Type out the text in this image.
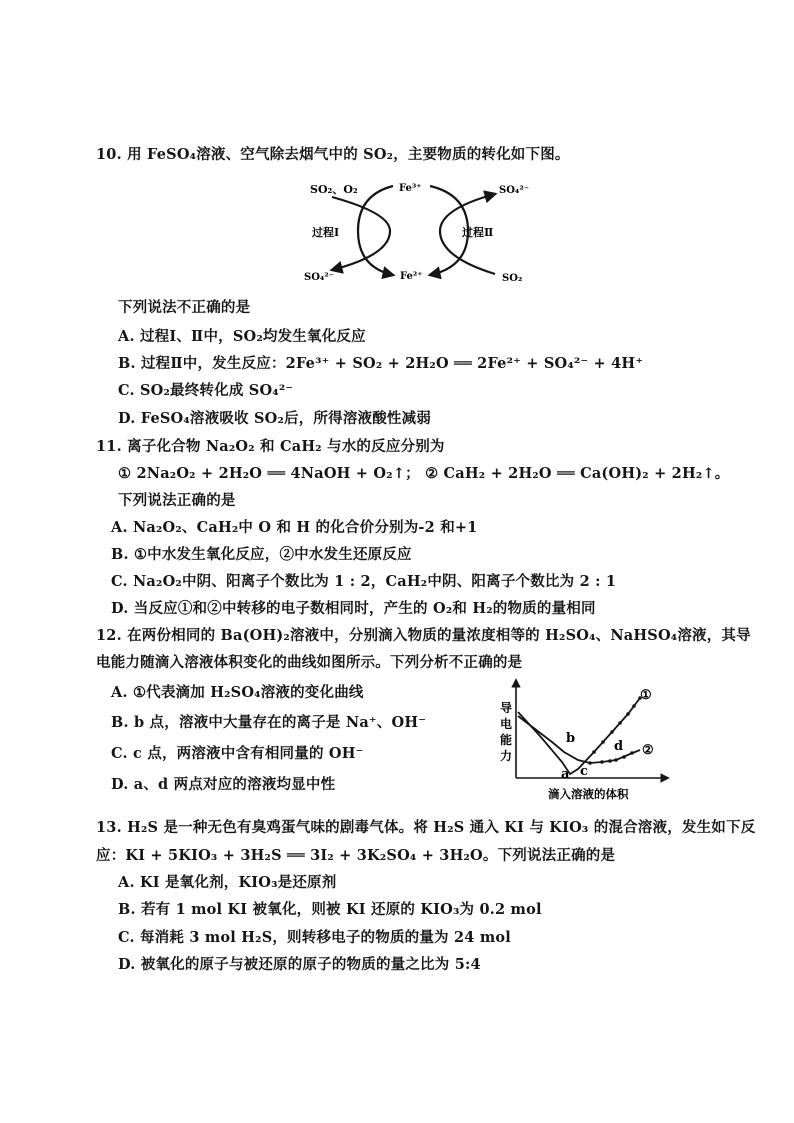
10. 用 FeSO₄溶液、空气除去烟气中的 SO₂，主要物质的转化如下图。
SO₂、O₂	Fe³⁺	SO₄²⁻
过程Ⅰ	过程Ⅱ
SO₄²⁻	Fe²⁺	SO₂
下列说法不正确的是
A. 过程Ⅰ、Ⅱ中，SO₂均发生氧化反应
B. 过程Ⅱ中，发生反应：2Fe³⁺ + SO₂ + 2H₂O ══ 2Fe²⁺ + SO₄²⁻ + 4H⁺
C. SO₂最终转化成 SO₄²⁻
D. FeSO₄溶液吸收 SO₂后，所得溶液酸性减弱
11. 离子化合物 Na₂O₂ 和 CaH₂ 与水的反应分别为
① 2Na₂O₂ + 2H₂O ══ 4NaOH + O₂↑； ② CaH₂ + 2H₂O ══ Ca(OH)₂ + 2H₂↑。
下列说法正确的是
A. Na₂O₂、CaH₂中 O 和 H 的化合价分别为-2 和+1
B. ①中水发生氧化反应，②中水发生还原反应
C. Na₂O₂中阴、阳离子个数比为 1 : 2，CaH₂中阴、阳离子个数比为 2 : 1
D. 当反应①和②中转移的电子数相同时，产生的 O₂和 H₂的物质的量相同
12. 在两份相同的 Ba(OH)₂溶液中，分别滴入物质的量浓度相等的 H₂SO₄、NaHSO₄溶液，其导
电能力随滴入溶液体积变化的曲线如图所示。下列分析不正确的是
A. ①代表滴加 H₂SO₄溶液的变化曲线
B. b 点，溶液中大量存在的离子是 Na⁺、OH⁻
C. c 点，两溶液中含有相同量的 OH⁻
D. a、d 两点对应的溶液均显中性
导
电
能
力
滴入溶液的体积
①
②
a
b
c
d
13. H₂S 是一种无色有臭鸡蛋气味的剧毒气体。将 H₂S 通入 KI 与 KIO₃ 的混合溶液，发生如下反
应：KI + 5KIO₃ + 3H₂S ══ 3I₂ + 3K₂SO₄ + 3H₂O。下列说法正确的是
A. KI 是氧化剂，KIO₃是还原剂
B. 若有 1 mol KI 被氧化，则被 KI 还原的 KIO₃为 0.2 mol
C. 每消耗 3 mol H₂S，则转移电子的物质的量为 24 mol
D. 被氧化的原子与被还原的原子的物质的量之比为 5:4
